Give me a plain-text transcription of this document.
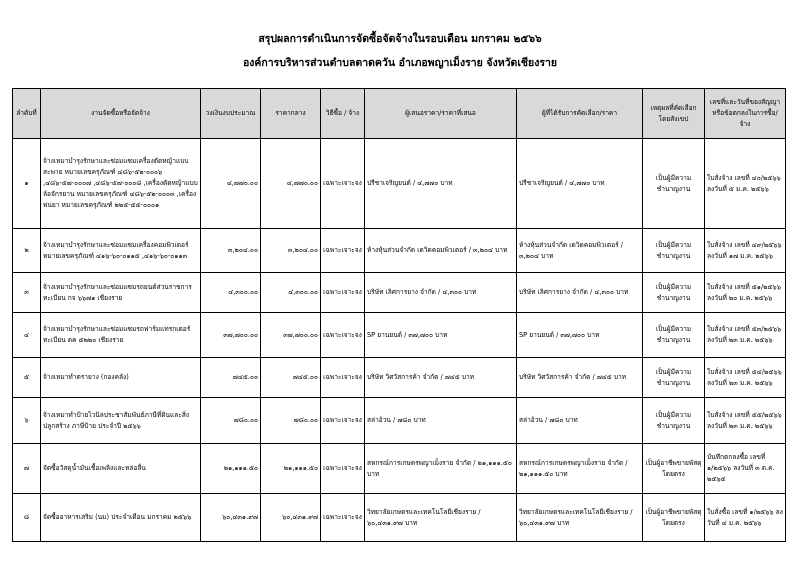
สรุปผลการดำเนินการจัดซื้อจัดจ้างในรอบเดือน มกราคม ๒๕๖๖
องค์การบริหารส่วนตำบลตาดควัน อำเภอพญาเม็งราย จังหวัดเชียงราย
ลำดับที่	งานจัดซื้อหรือจัดจ้าง	วงเงินงบประมาณ	ราคากลาง	วิธีซื้อ / จ้าง	ผู้เสนอราคา/ราคาที่เสนอ	ผู้ที่ได้รับการคัดเลือก/ราคา	เหตุผลที่คัดเลือกโดยสังเขป	เลขที่และวันที่ของสัญญาหรือข้อตกลงในการซื้อ/จ้าง
๑	จ้างเหมาบำรุงรักษาและซ่อมแซมเครื่องตัดหญ้าแบบสะพาย หมายเลขครุภัณฑ์ ๔๘๖-๕๒-๐๐๐๖ ,๔๘๖-๕๗-๐๐๐๗ ,๔๘๖-๕๗-๐๐๐๘ ,เครื่องตัดหญ้าแบบล้อจักรยาน หมายเลขครุภัณฑ์ ๔๘๖-๕๒-๐๐๐๓ ,เครื่องพ่นยา หมายเลขครุภัณฑ์ ๒๒๕-๕๕-๐๐๐๑	๔,๗๗๐.๐๐	๔,๗๗๐.๐๐	เฉพาะเจาะจง	ปรีชาเจริญยนต์ / ๔,๗๗๐ บาท	ปรีชาเจริญยนต์ / ๔,๗๗๐ บาท	เป็นผู้มีความชำนาญงาน	ใบสั่งจ้าง เลขที่ ๔๐/๒๕๖๖ ลงวันที่ ๕ ม.ค. ๒๕๖๖
๒	จ้างเหมาบำรุงรักษาและซ่อมแซมเครื่องคอมพิวเตอร์ หมายเลขครุภัณฑ์ ๔๑๖-๖๐-๐๑๑๕ ,๔๑๖-๖๐-๐๑๑๓	๓,๒๐๔.๐๐	๓,๒๐๔.๐๐	เฉพาะเจาะจง	ห้างหุ้นส่วนจำกัด เดวิดคอมพิวเตอร์ / ๓,๒๐๔ บาท	ห้างหุ้นส่วนจำกัด เดวิดคอมพิวเตอร์ / ๓,๒๐๔ บาท	เป็นผู้มีความชำนาญงาน	ใบสั่งจ้าง เลขที่ ๔๙/๒๕๖๖ ลงวันที่ ๑๗ ม.ค. ๒๕๖๖
๓	จ้างเหมาบำรุงรักษาและซ่อมแซมรถยนต์ส่วนราชการ ทะเบียน กจ ๖๖๗๑ เชียงราย	๔,๓๐๐.๐๐	๔,๓๐๐.๐๐	เฉพาะเจาะจง	บริษัท เลิศการยาง จำกัด / ๔,๓๐๐ บาท	บริษัท เลิศการยาง จำกัด / ๔,๓๐๐ บาท	เป็นผู้มีความชำนาญงาน	ใบสั่งจ้าง เลขที่ ๕๑/๒๕๖๖ ลงวันที่ ๒๐ ม.ค. ๒๕๖๖
๔	จ้างเหมาบำรุงรักษาและซ่อมแซมรถฟาร์มแทรกเตอร์ ทะเบียน ตค ๕๒๒๐ เชียงราย	๓๗,๗๐๐.๐๐	๓๗,๗๐๐.๐๐	เฉพาะเจาะจง	SP ยานยนต์ / ๓๗,๗๐๐ บาท	SP ยานยนต์ / ๓๗,๗๐๐ บาท	เป็นผู้มีความชำนาญงาน	ใบสั่งจ้าง เลขที่ ๕๓/๒๕๖๖ ลงวันที่ ๒๓ ม.ค. ๒๕๖๖
๕	จ้างเหมาทำตรายาง (กองคลัง)	๗๔๕.๐๐	๗๔๕.๐๐	เฉพาะเจาะจง	บริษัท วิศวัสการค้า จำกัด / ๗๔๕ บาท	บริษัท วิศวัสการค้า จำกัด / ๗๔๕ บาท	เป็นผู้มีความชำนาญงาน	ใบสั่งจ้าง เลขที่ ๕๔/๒๕๖๖ ลงวันที่ ๒๓ ม.ค. ๒๕๖๖
๖	จ้างเหมาทำป้ายไวนิลประชาสัมพันธ์ภาษีที่ดินและสิ่งปลูกสร้าง ภาษีป้าย ประจำปี ๒๕๖๖	๗๘๐.๐๐	๗๘๐.๐๐	เฉพาะเจาะจง	สล่าอ้วน / ๗๘๐ บาท	สล่าอ้วน / ๗๘๐ บาท	เป็นผู้มีความชำนาญงาน	ใบสั่งจ้าง เลขที่ ๕๕/๒๕๖๖ ลงวันที่ ๒๓ ม.ค. ๒๕๖๖
๗	จัดซื้อวัสดุน้ำมันเชื้อเพลิงและหล่อลื่น	๒๑,๑๑๑.๕๐	๒๑,๑๑๑.๕๐	เฉพาะเจาะจง	สหกรณ์การเกษตรพญาเม็งราย จำกัด / ๒๑,๑๑๑.๕๐ บาท	สหกรณ์การเกษตรพญาเม็งราย จำกัด / ๒๑,๑๑๑.๕๐ บาท	เป็นผู้อาชีพขายพัสดุโดยตรง	บันทึกตกลงซื้อ เลขที่ ๑/๒๕๖๖ ลงวันที่ ๓ ต.ค. ๒๕๖๕
๘	จัดซื้ออาหารเสริม (นม) ประจำเดือน มกราคม ๒๕๖๖	๖๐,๔๓๑.๙๗	๖๐,๔๓๑.๙๗	เฉพาะเจาะจง	วิทยาลัยเกษตรและเทคโนโลยีเชียงราย / ๖๐,๔๓๑.๙๗ บาท	วิทยาลัยเกษตรและเทคโนโลยีเชียงราย / ๖๐,๔๓๑.๙๗ บาท	เป็นผู้อาชีพขายพัสดุโดยตรง	ใบสั่งซื้อ เลขที่ ๑/๒๕๖๖ ลงวันที่ ๔ ม.ค. ๒๕๖๖
